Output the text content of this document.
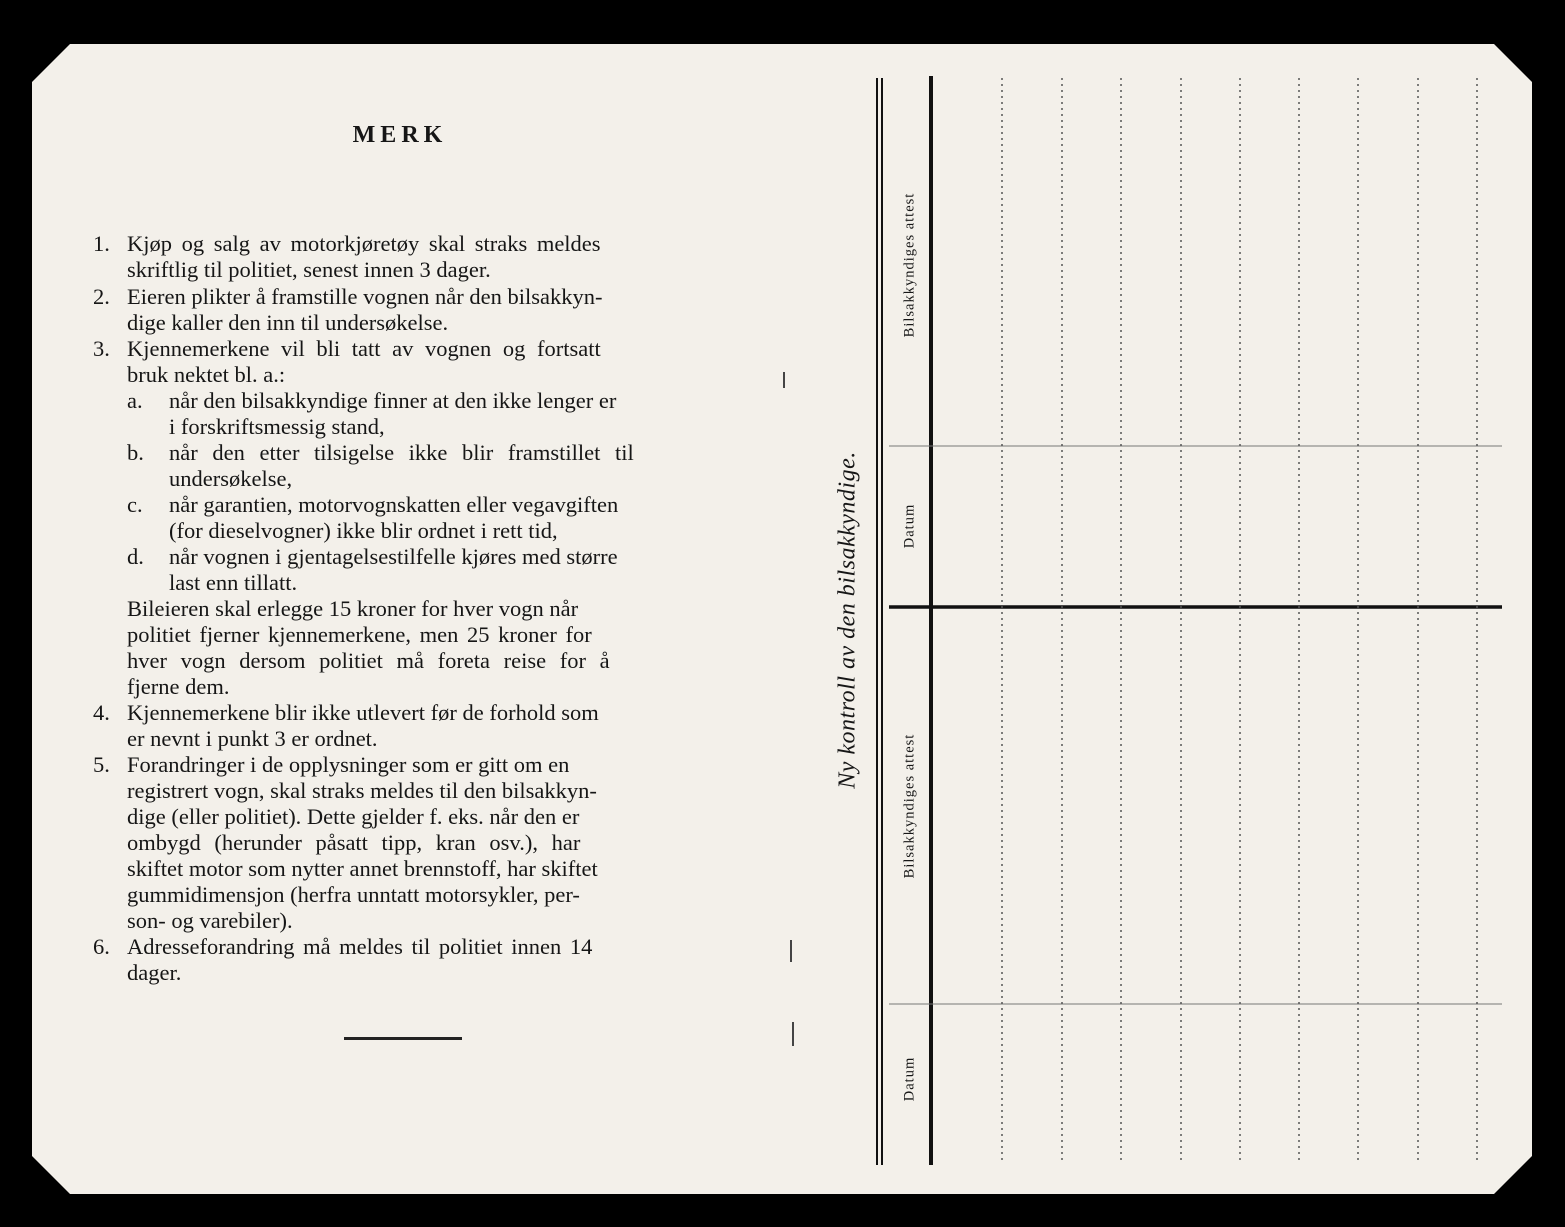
MERK
1. Kjøp og salg av motorkjøretøy skal straks meldes
skriftlig til politiet, senest innen 3 dager.
2. Eieren plikter å framstille vognen når den bilsakkyn-
dige kaller den inn til undersøkelse.
3. Kjennemerkene vil bli tatt av vognen og fortsatt
bruk nektet bl. a.:
a. når den bilsakkyndige finner at den ikke lenger er
i forskriftsmessig stand,
b. når den etter tilsigelse ikke blir framstillet til
undersøkelse,
c. når garantien, motorvognskatten eller vegavgiften
(for dieselvogner) ikke blir ordnet i rett tid,
d. når vognen i gjentagelsestilfelle kjøres med større
last enn tillatt.
Bileieren skal erlegge 15 kroner for hver vogn når
politiet fjerner kjennemerkene, men 25 kroner for
hver vogn dersom politiet må foreta reise for å
fjerne dem.
4. Kjennemerkene blir ikke utlevert før de forhold som
er nevnt i punkt 3 er ordnet.
5. Forandringer i de opplysninger som er gitt om en
registrert vogn, skal straks meldes til den bilsakkyn-
dige (eller politiet). Dette gjelder f. eks. når den er
ombygd (herunder påsatt tipp, kran osv.), har
skiftet motor som nytter annet brennstoff, har skiftet
gummidimensjon (herfra unntatt motorsykler, per-
son- og varebiler).
6. Adresseforandring må meldes til politiet innen 14
dager.
Ny kontroll av den bilsakkyndige.
Bilsakkyndiges attest
Datum
Bilsakkyndiges attest
Datum
